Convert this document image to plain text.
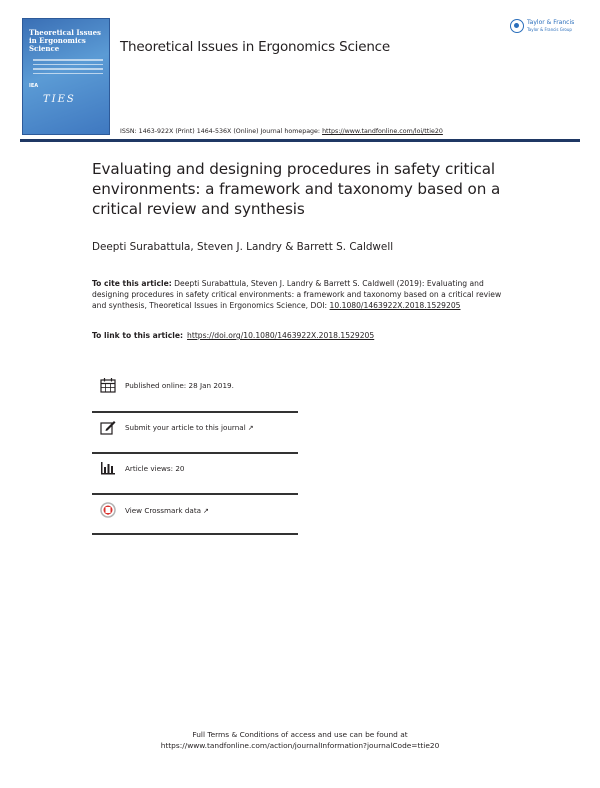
Theoretical Issues in Ergonomics Science
IEA
TIES
Theoretical Issues in Ergonomics Science
Taylor & Francis
Taylor & Francis Group
ISSN: 1463-922X (Print) 1464-536X (Online) Journal homepage: https://www.tandfonline.com/loi/ttie20
Evaluating and designing procedures in safety critical environments: a framework and taxonomy based on a critical review and synthesis
Deepti Surabattula, Steven J. Landry & Barrett S. Caldwell
To cite this article: Deepti Surabattula, Steven J. Landry & Barrett S. Caldwell (2019): Evaluating and designing procedures in safety critical environments: a framework and taxonomy based on a critical review and synthesis, Theoretical Issues in Ergonomics Science, DOI: 10.1080/1463922X.2018.1529205
To link to this article: https://doi.org/10.1080/1463922X.2018.1529205
Published online: 28 Jan 2019.
Submit your article to this journal ↗
Article views: 20
View Crossmark data ↗
Full Terms & Conditions of access and use can be found at
https://www.tandfonline.com/action/journalInformation?journalCode=ttie20
